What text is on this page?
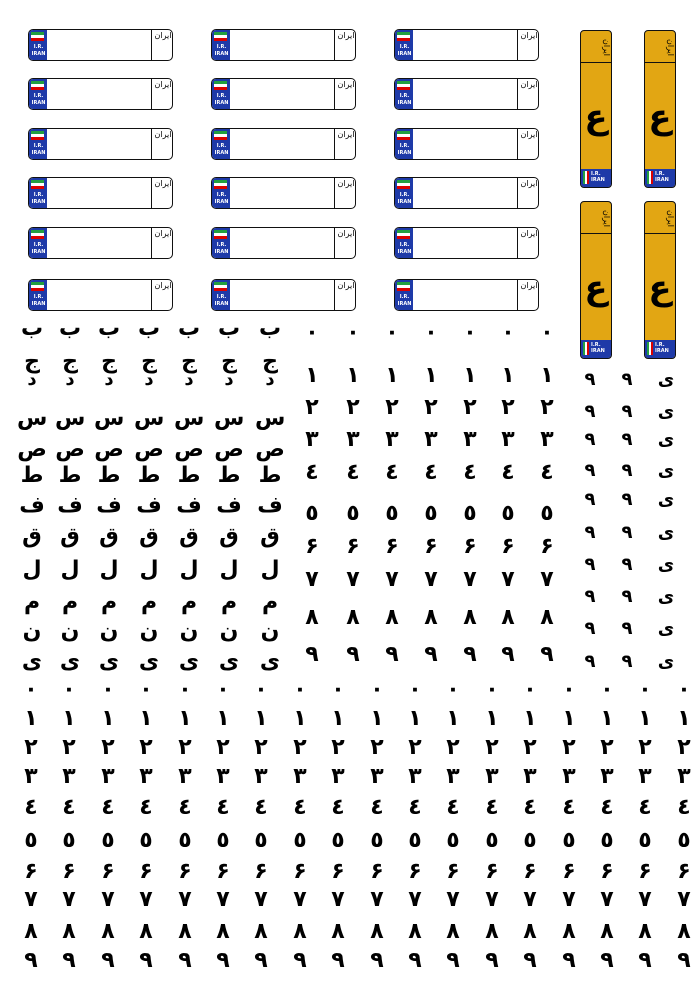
I.R.
IRAN
ایران
I.R.
IRAN
ایران
I.R.
IRAN
ایران
I.R.
IRAN
ایران
I.R.
IRAN
ایران
I.R.
IRAN
ایران
I.R.
IRAN
ایران
I.R.
IRAN
ایران
I.R.
IRAN
ایران
I.R.
IRAN
ایران
I.R.
IRAN
ایران
I.R.
IRAN
ایران
I.R.
IRAN
ایران
I.R.
IRAN
ایران
I.R.
IRAN
ایران
I.R.
IRAN
ایران
I.R.
IRAN
ایران
I.R.
IRAN
ایران
ایران
ع
I.R. IRAN
ایران
ع
I.R. IRAN
ایران
ع
I.R. IRAN
ایران
ع
I.R. IRAN
ب ب ب ب ب ب ب
ج	ج	ج	ج	ج	ج	ج
د	د	د	د	د	د	د
س س س س س س س
ص ص ص ص ص ص ص
ط ط ط ط ط ط ط
ف ف ف ف ف ف ف
ق ق ق ق ق ق ق
ل ل ل ل ل ل ل
م م	م	م	م	م	م
ن ن ن ن ن ن ن
ی ی ی ی ی ی ی
٠	٠	٠	٠	٠	٠	٠
١	١	١	١	١	١	١
٢	٢	٢	٢	٢	٢	٢
٣	٣	٣	٣	٣	٣	٣
٤	٤	٤	٤	٤	٤	٤
٥	٥	٥	٥	٥	٥	٥
۶	۶	۶	۶	۶	۶	۶
٧	٧	٧	٧	٧	٧	٧
٨	٨	٨	٨	٨	٨	٨
٩	٩	٩	٩	٩	٩	٩
۹	۹	ی
۹	۹	ی
۹	۹	ی
۹	۹	ی
۹	۹	ی
۹	۹	ی
۹	۹	ی
۹	۹	ی
۹	۹	ی
۹	۹	ی
٠	٠	٠	٠	٠	٠	٠	٠	٠	٠	٠	٠	٠	٠	٠	٠	٠	٠
١	١	١	١	١	١	١	١	١	١	١	١	١	١	١	١	١	١
٢	٢	٢	٢	٢	٢	٢	٢	٢	٢	٢	٢	٢	٢	٢	٢	٢	٢
٣	٣	٣	٣	٣	٣	٣	٣	٣	٣	٣	٣	٣	٣	٣	٣	٣	٣
٤	٤	٤	٤	٤	٤	٤	٤	٤	٤	٤	٤	٤	٤	٤	٤	٤	٤
٥	٥	٥	٥	٥	٥	٥	٥	٥	٥	٥	٥	٥	٥	٥	٥	٥	٥
۶	۶	۶	۶	۶	۶	۶	۶	۶	۶	۶	۶	۶	۶	۶	۶	۶	۶
٧	٧	٧	٧	٧	٧	٧	٧	٧	٧	٧	٧	٧	٧	٧	٧	٧	٧
٨	٨	٨	٨	٨	٨	٨	٨	٨	٨	٨	٨	٨	٨	٨	٨	٨	٨
٩	٩	٩	٩	٩	٩	٩	٩	٩	٩	٩	٩	٩	٩	٩	٩	٩	٩
